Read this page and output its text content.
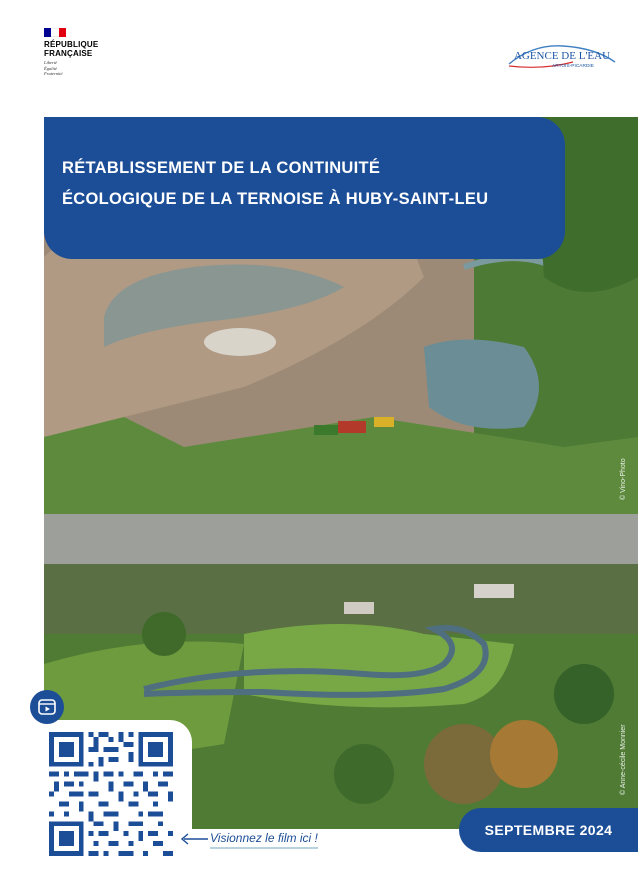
RÉPUBLIQUE
FRANÇAISE
Liberté
Égalité
Fraternité
AGENCE DE L'EAU
ARTOIS-PICARDIE
RÉTABLISSEMENT DE LA CONTINUITÉ
ÉCOLOGIQUE DE LA TERNOISE À HUBY-SAINT-LEU
© Vino-Photo
© Anne-cécile Monnier
Visionnez le film ici !	SEPTEMBRE 2024
